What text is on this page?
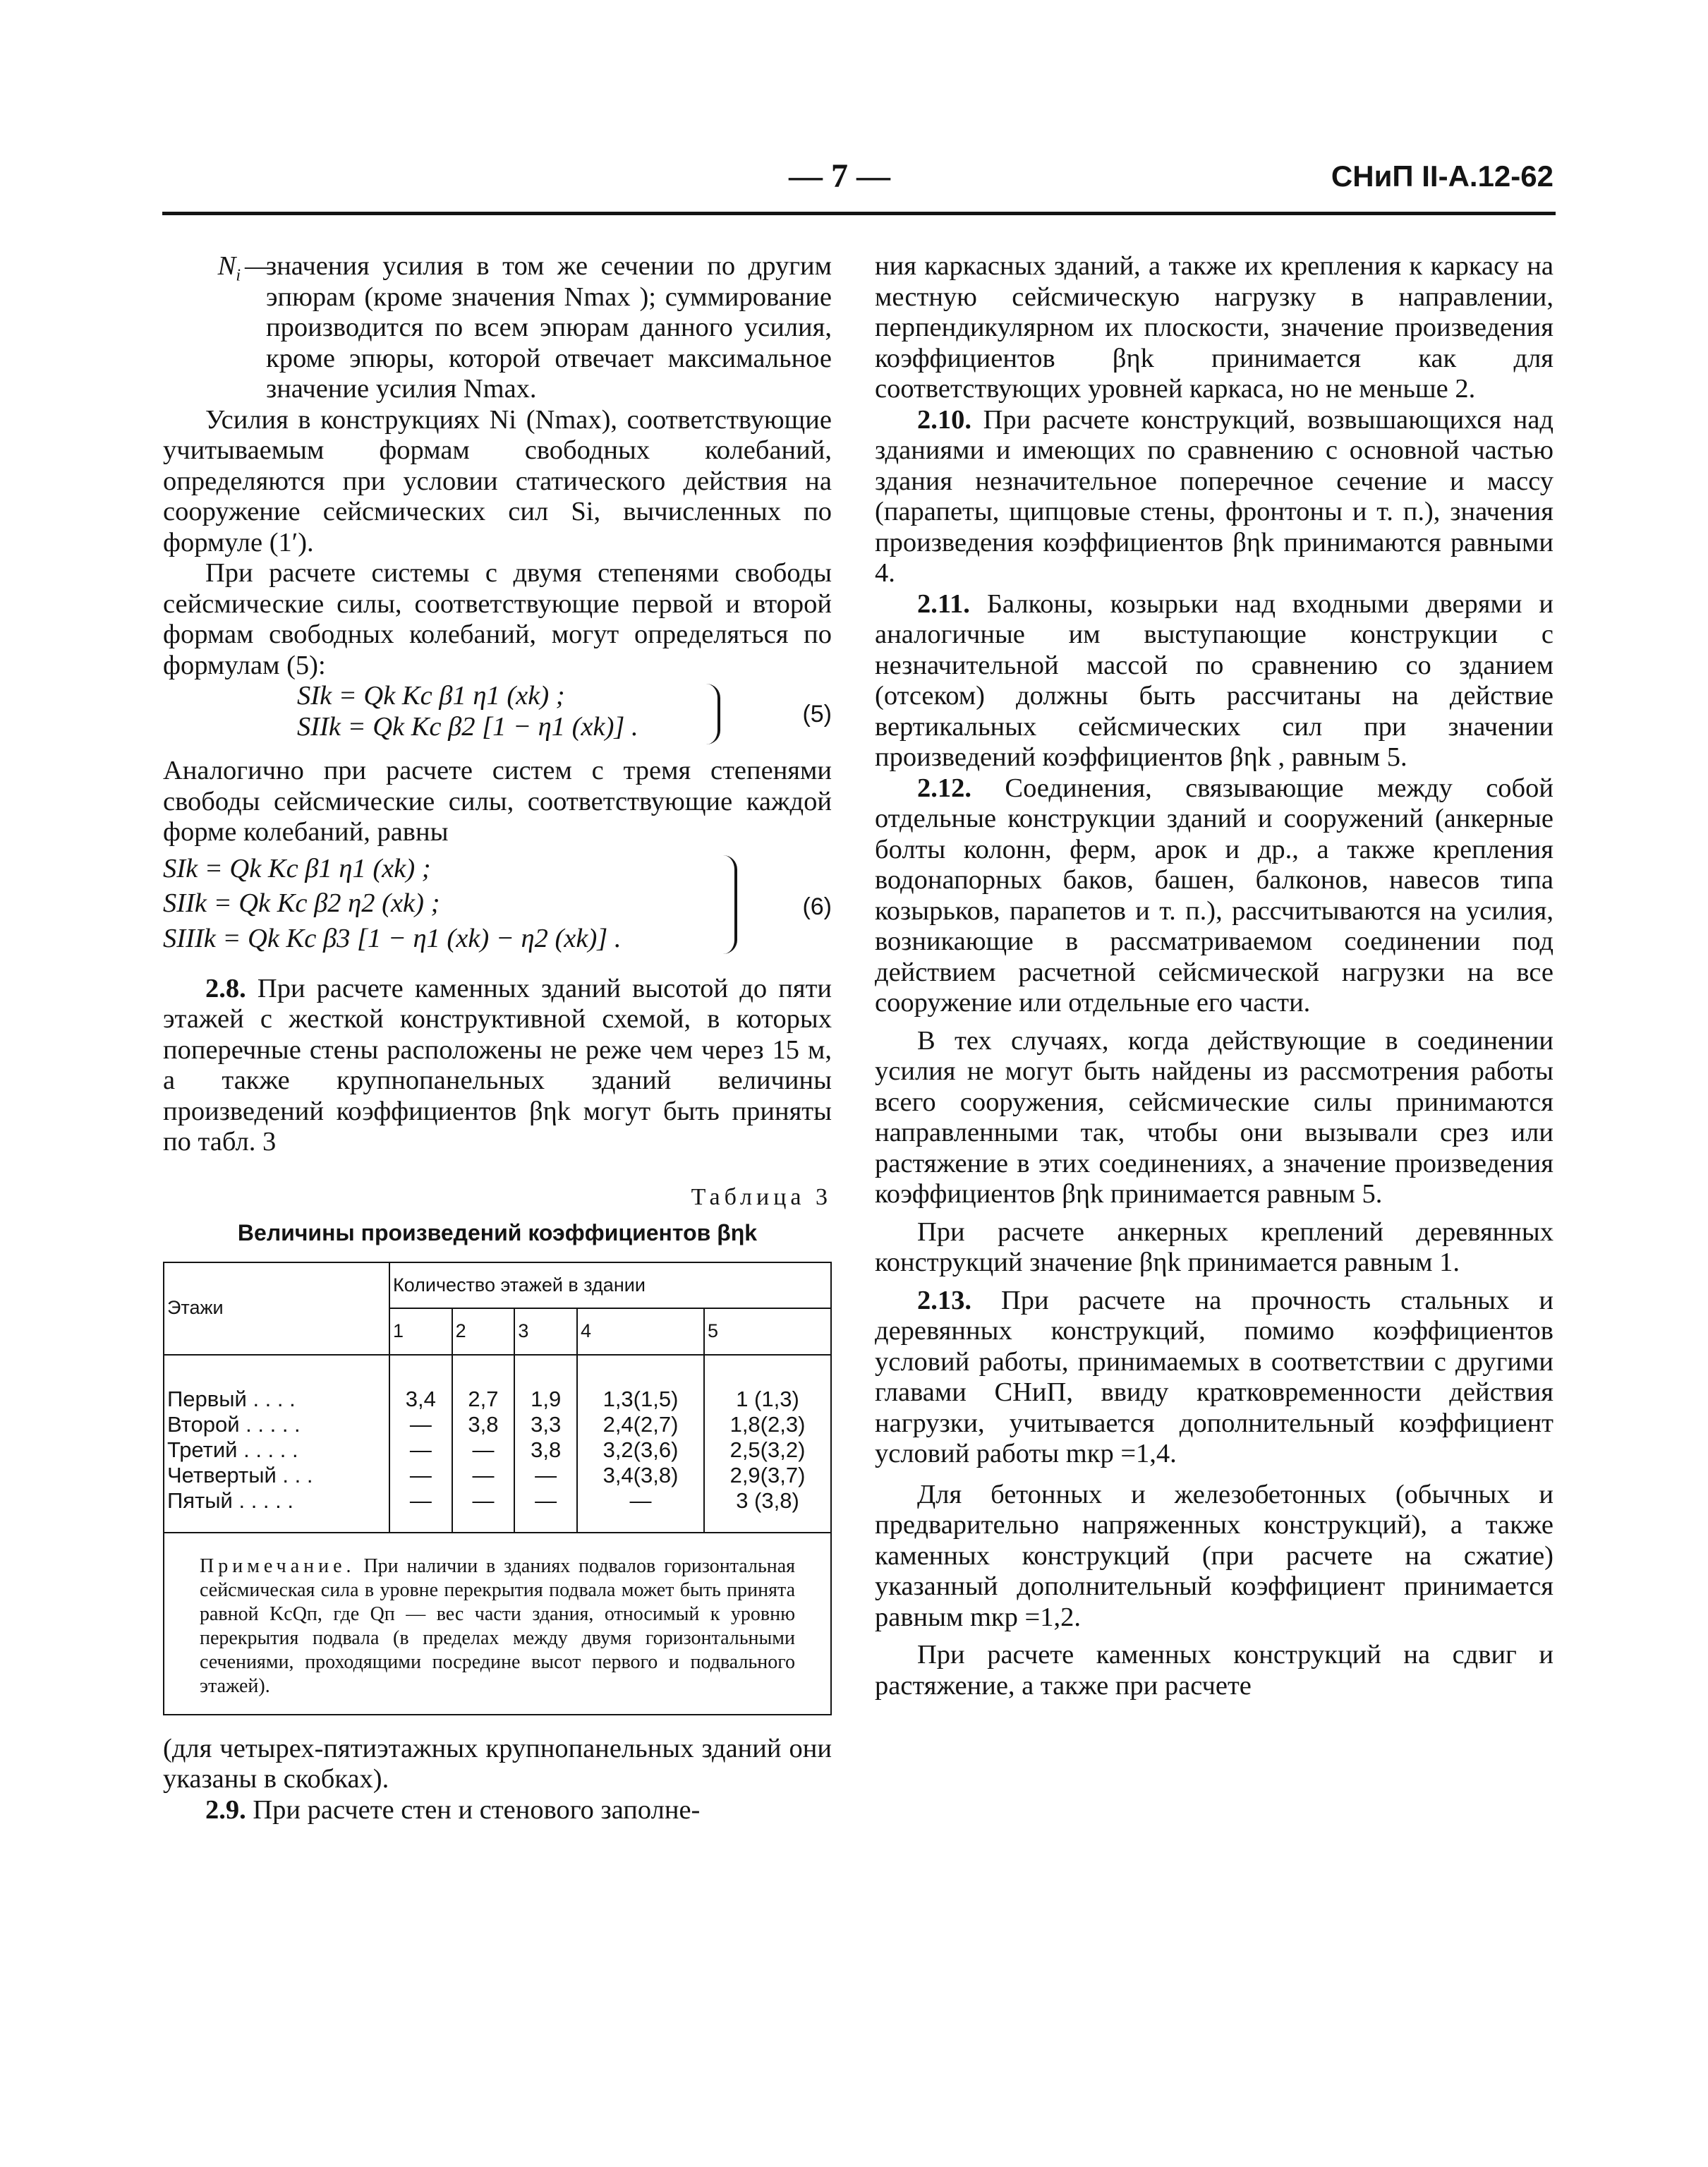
— 7 —	СНиП II-А.12-62
$N_i$ —
значения усилия в том же сечении по другим эпюрам (кроме значения Nmax ); суммирование производится по всем эпюрам данного усилия, кроме эпюры, которой отвечает максимальное значение усилия Nmax.

Усилия в конструкциях Ni (Nmax), соответствующие учитываемым формам свободных колебаний, определяются при условии статического действия на сооружение сейсмических сил Si, вычисленных по формуле (1′).

При расчете системы с двумя степенями свободы сейсмические силы, соответствующие первой и второй формам свободных колебаний, могут определяться по формулам (5):

SIk = Qk Kc β1 η1 (xk) ;
SIIk = Qk Kc β2 [1 − η1 (xk)] .	(5)

Аналогично при расчете систем с тремя степенями свободы сейсмические силы, соответствующие каждой форме колебаний, равны

SIk = Qk Kc β1 η1 (xk) ;
SIIk = Qk Kc β2 η2 (xk) ;
SIIIk = Qk Kc β3 [1 − η1 (xk) − η2 (xk)] .
(6)

2.8. При расчете каменных зданий высотой до пяти этажей с жесткой конструктивной схемой, в которых поперечные стены расположены не реже чем через 15 м, а также крупнопанельных зданий величины произведений коэффициентов βηk могут быть приняты по табл. 3

Таблица 3
Величины произведений коэффициентов βηk
Этажи	Количество этажей в здании				
	1	2	3	4	5
Первый . . . .	3,4	2,7	1,9	1,3(1,5)	1 (1,3)
Второй . . . . .	—	3,8	3,3	2,4(2,7)	1,8(2,3)
Третий . . . . .	—	—	3,8	3,2(3,6)	2,5(3,2)
Четвертый . . .	—	—	—	3,4(3,8)	2,9(3,7)
Пятый . . . . .	—	—	—	—	3 (3,8)
Примечание. При наличии в зданиях подвалов горизонтальная сейсмическая сила в уровне перекрытия подвала может быть принята равной KcQп, где Qп — вес части здания, относимый к уровню перекрытия подвала (в пределах между двумя горизонтальными сечениями, проходящими посредине высот первого и подвального этажей).					

(для четырех-пятиэтажных крупнопанельных зданий они указаны в скобках).

2.9. При расчете стен и стенового заполне-

ния каркасных зданий, а также их крепления к каркасу на местную сейсмическую нагрузку в направлении, перпендикулярном их плоскости, значение произведения коэффициентов βηk принимается как для соответствующих уровней каркаса, но не меньше 2.

2.10. При расчете конструкций, возвышающихся над зданиями и имеющих по сравнению с основной частью здания незначительное поперечное сечение и массу (парапеты, щипцовые стены, фронтоны и т. п.), значения произведения коэффициентов βηk принимаются равными 4.

2.11. Балконы, козырьки над входными дверями и аналогичные им выступающие конструкции с незначительной массой по сравнению со зданием (отсеком) должны быть рассчитаны на действие вертикальных сейсмических сил при значении произведений коэффициентов βηk , равным 5.

2.12. Соединения, связывающие между собой отдельные конструкции зданий и сооружений (анкерные болты колонн, ферм, арок и др., а также крепления водонапорных баков, башен, балконов, навесов типа козырьков, парапетов и т. п.), рассчитываются на усилия, возникающие в рассматриваемом соединении под действием расчетной сейсмической нагрузки на все сооружение или отдельные его части.

В тех случаях, когда действующие в соединении усилия не могут быть найдены из рассмотрения работы всего сооружения, сейсмические силы принимаются направленными так, чтобы они вызывали срез или растяжение в этих соединениях, а значение произведения коэффициентов βηk принимается равным 5.

При расчете анкерных креплений деревянных конструкций значение βηk принимается равным 1.

2.13. При расчете на прочность стальных и деревянных конструкций, помимо коэффициентов условий работы, принимаемых в соответствии с другими главами СНиП, ввиду кратковременности действия нагрузки, учитывается дополнительный коэффициент условий работы mкр =1,4.

Для бетонных и железобетонных (обычных и предварительно напряженных конструкций), а также каменных конструкций (при расчете на сжатие) указанный дополнительный коэффициент принимается равным mкр =1,2.

При расчете каменных конструкций на сдвиг и растяжение, а также при расчете
